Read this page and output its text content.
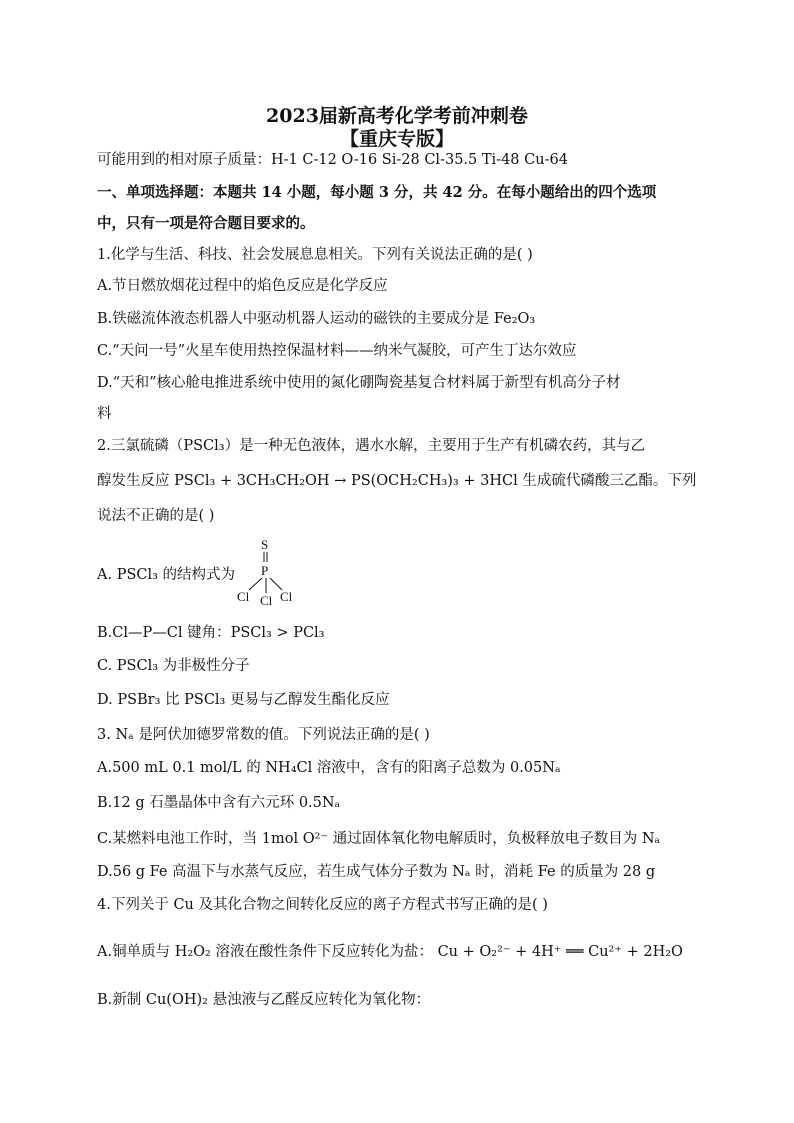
2023届新高考化学考前冲刺卷
【重庆专版】
可能用到的相对原子质量：H-1 C-12 O-16 Si-28 Cl-35.5 Ti-48 Cu-64
一、单项选择题：本题共 14 小题，每小题 3 分，共 42 分。在每小题给出的四个选项
中，只有一项是符合题目要求的。
1.化学与生活、科技、社会发展息息相关。下列有关说法正确的是( )
A.节日燃放烟花过程中的焰色反应是化学反应
B.铁磁流体液态机器人中驱动机器人运动的磁铁的主要成分是 Fe₂O₃
C.“天问一号”火星车使用热控保温材料——纳米气凝胶，可产生丁达尔效应
D.“天和”核心舱电推进系统中使用的氮化硼陶瓷基复合材料属于新型有机高分子材
料
2.三氯硫磷（PSCl₃）是一种无色液体，遇水水解，主要用于生产有机磷农药，其与乙
醇发生反应 PSCl₃ + 3CH₃CH₂OH → PS(OCH₂CH₃)₃ + 3HCl 生成硫代磷酸三乙酯。下列
说法不正确的是( )
A. PSCl₃ 的结构式为
S
P
Cl Cl Cl
B.Cl—P—Cl 键角：PSCl₃ > PCl₃
C. PSCl₃ 为非极性分子
D. PSBr₃ 比 PSCl₃ 更易与乙醇发生酯化反应
3. Nₐ 是阿伏加德罗常数的值。下列说法正确的是( )
A.500 mL 0.1 mol/L 的 NH₄Cl 溶液中，含有的阳离子总数为 0.05Nₐ
B.12 g 石墨晶体中含有六元环 0.5Nₐ
C.某燃料电池工作时，当 1mol O²⁻ 通过固体氧化物电解质时，负极释放电子数目为 Nₐ
D.56 g Fe 高温下与水蒸气反应，若生成气体分子数为 Nₐ 时，消耗 Fe 的质量为 28 g
4.下列关于 Cu 及其化合物之间转化反应的离子方程式书写正确的是( )
A.铜单质与 H₂O₂ 溶液在酸性条件下反应转化为盐： Cu + O₂²⁻ + 4H⁺ ══ Cu²⁺ + 2H₂O
B.新制 Cu(OH)₂ 悬浊液与乙醛反应转化为氧化物：
